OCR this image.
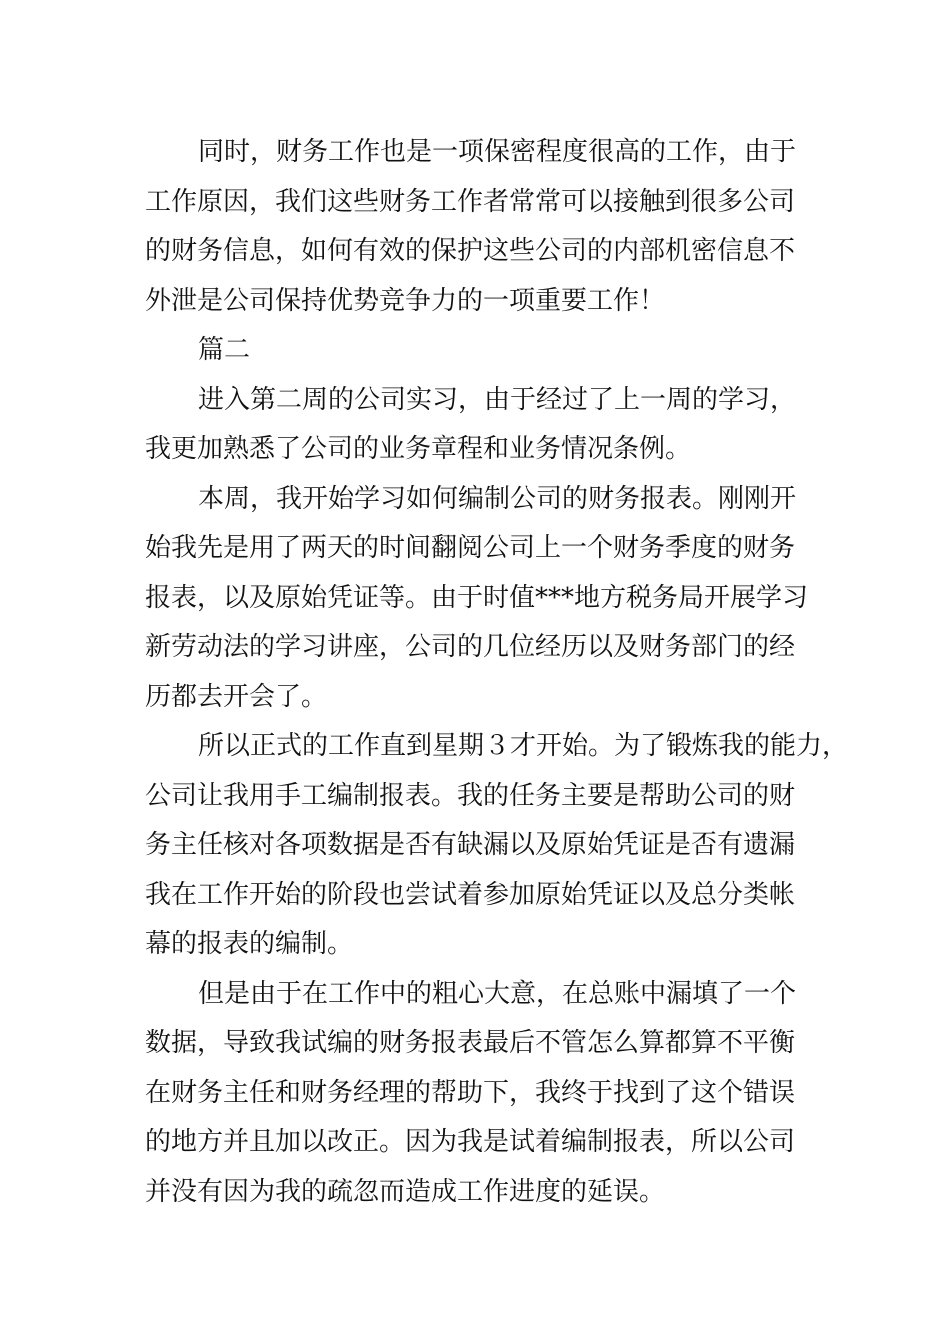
同时，财务工作也是一项保密程度很高的工作，由于
工作原因，我们这些财务工作者常常可以接触到很多公司
的财务信息，如何有效的保护这些公司的内部机密信息不
外泄是公司保持优势竞争力的一项重要工作！
篇二
进入第二周的公司实习，由于经过了上一周的学习，
我更加熟悉了公司的业务章程和业务情况条例。
本周，我开始学习如何编制公司的财务报表。刚刚开
始我先是用了两天的时间翻阅公司上一个财务季度的财务
报表，以及原始凭证等。由于时值***地方税务局开展学习
新劳动法的学习讲座，公司的几位经历以及财务部门的经
历都去开会了。
所以正式的工作直到星期３才开始。为了锻炼我的能力，
公司让我用手工编制报表。我的任务主要是帮助公司的财
务主任核对各项数据是否有缺漏以及原始凭证是否有遗漏
我在工作开始的阶段也尝试着参加原始凭证以及总分类帐
幕的报表的编制。
但是由于在工作中的粗心大意，在总账中漏填了一个
数据，导致我试编的财务报表最后不管怎么算都算不平衡
在财务主任和财务经理的帮助下，我终于找到了这个错误
的地方并且加以改正。因为我是试着编制报表，所以公司
并没有因为我的疏忽而造成工作进度的延误。
